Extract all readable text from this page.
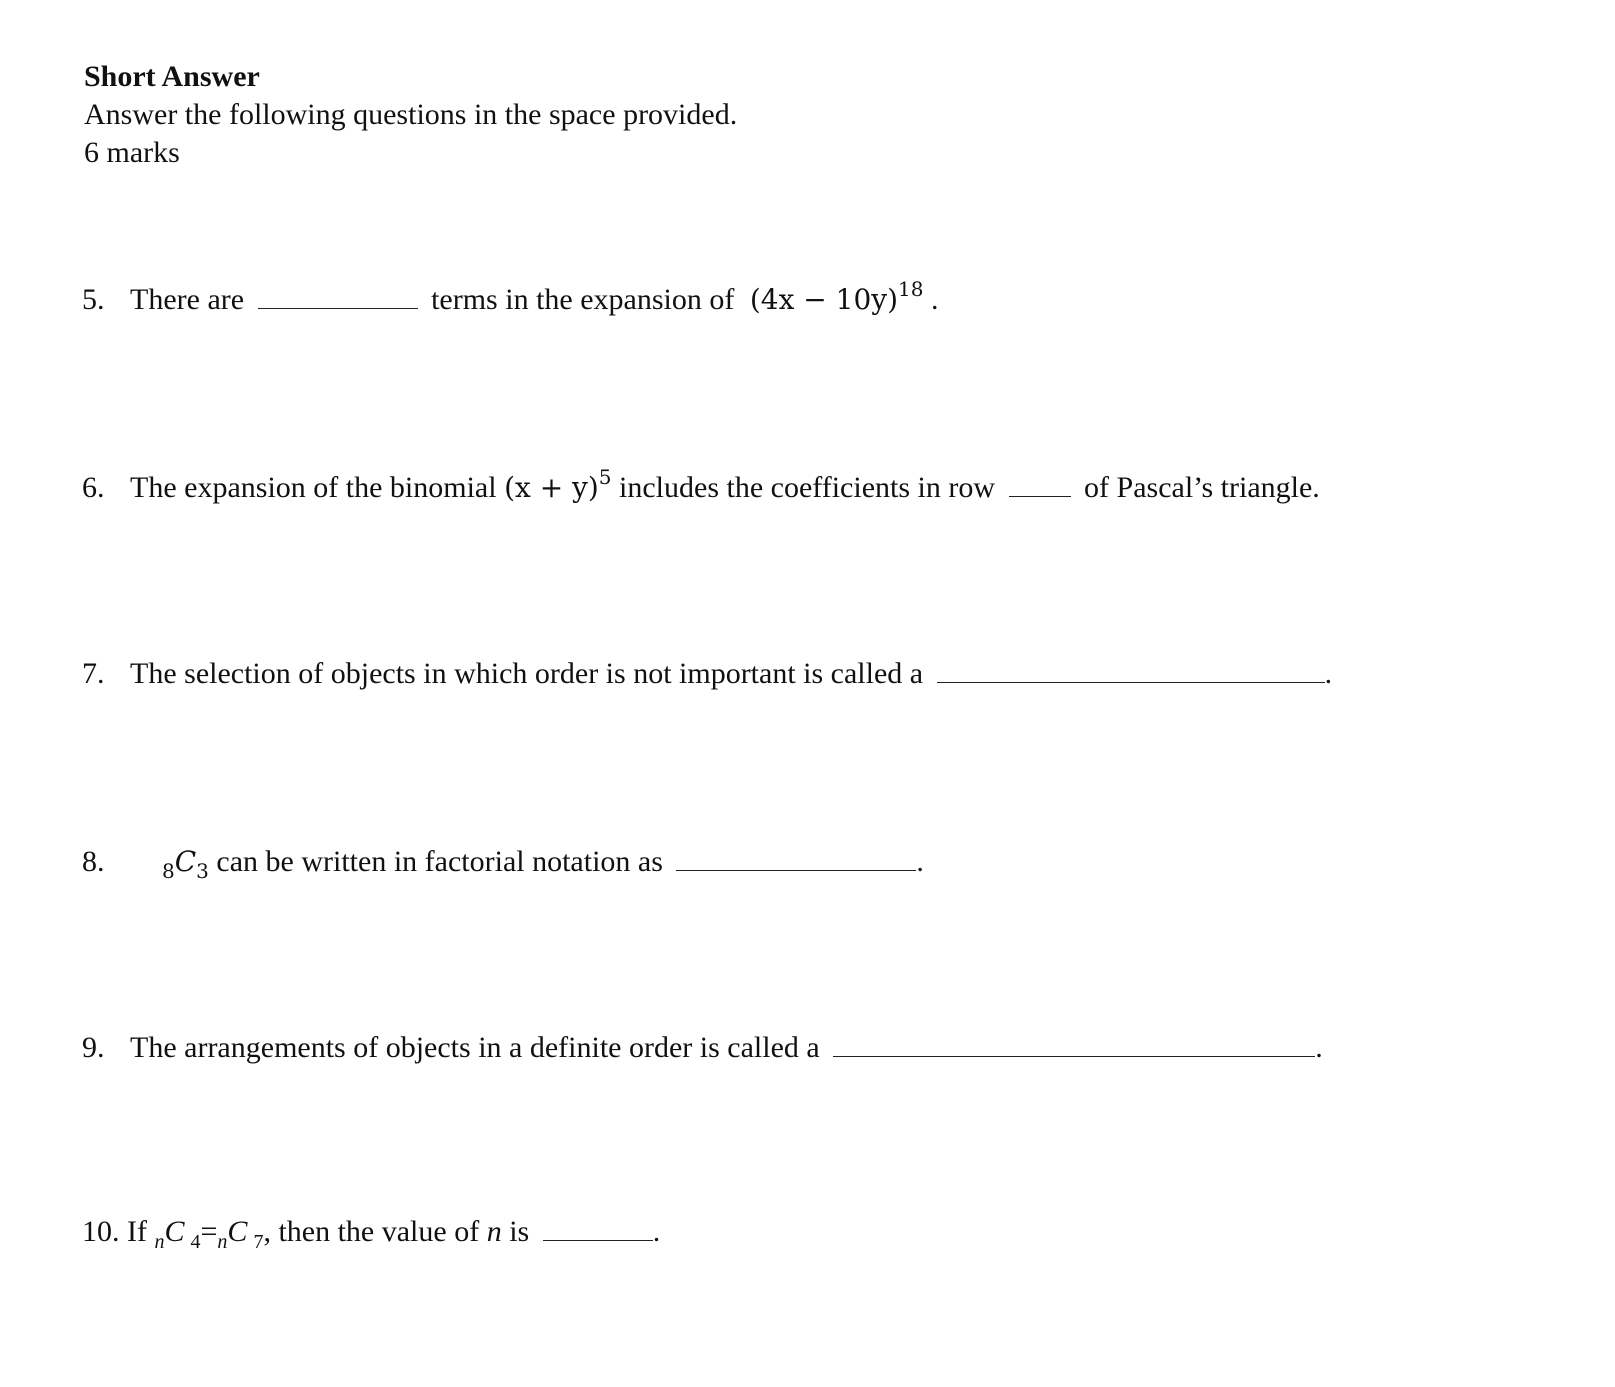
Short Answer
Answer the following questions in the space provided.
6 marks
5. There are	terms in the expansion of $(4x - 10y)^{18}$ .
6. The expansion of the binomial $(x + y)^5$ includes the coefficients in row	of Pascal’s triangle.
7. The selection of objects in which order is not important is called a	.
8.	$_8C_3$ can be written in factorial notation as	.
9. The arrangements of objects in a definite order is called a	.
10. If $_n$C $_4=_nC$ $_7$, then the value of n is	.
